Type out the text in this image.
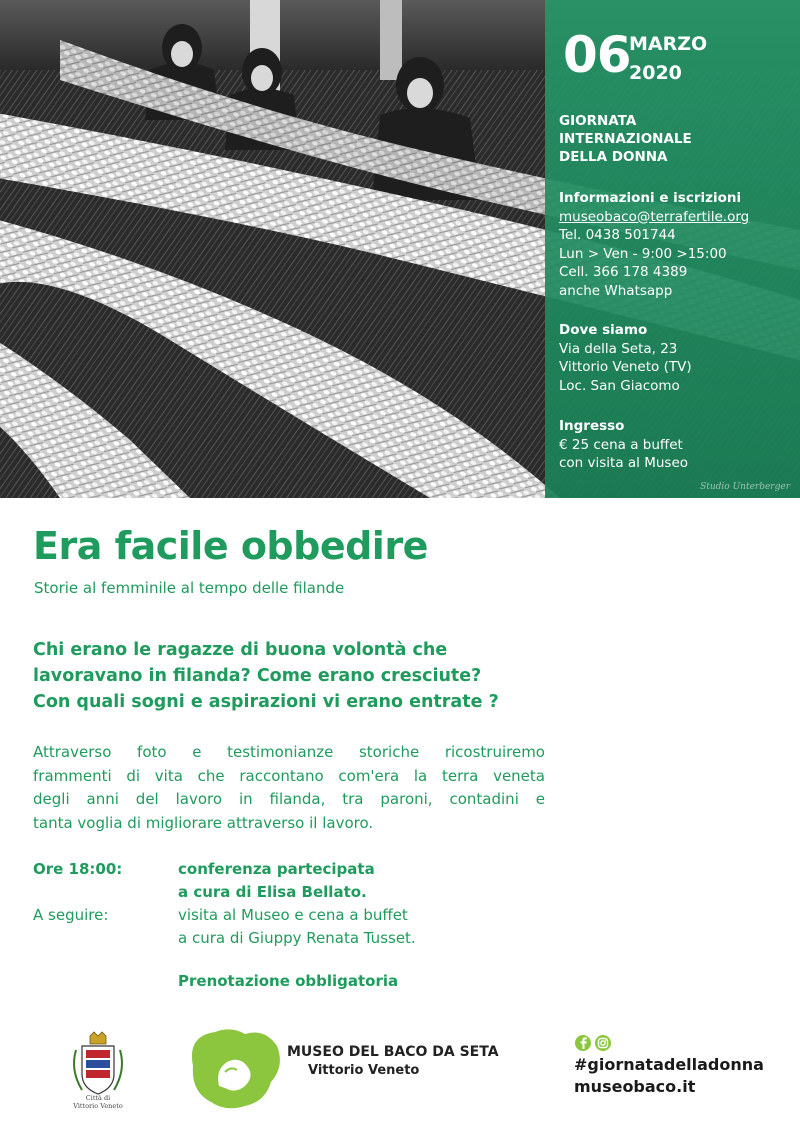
06
MARZO
2020
GIORNATA
INTERNAZIONALE
DELLA DONNA
Informazioni e iscrizioni
museobaco@terrafertile.org
Tel. 0438 501744
Lun > Ven - 9:00 >15:00
Cell. 366 178 4389
anche Whatsapp
Dove siamo
Via della Seta, 23
Vittorio Veneto (TV)
Loc. San Giacomo
Ingresso
€ 25 cena a buffet
con visita al Museo
Studio Unterberger
Era facile obbedire
Storie al femminile al tempo delle filande
Chi erano le ragazze di buona volontà che
lavoravano in filanda? Come erano cresciute?
Con quali sogni e aspirazioni vi erano entrate ?
Attraverso foto e testimonianze storiche ricostruiremo
frammenti di vita che raccontano com'era la terra veneta
degli anni del lavoro in filanda, tra paroni, contadini e
tanta voglia di migliorare attraverso il lavoro.
Ore 18:00:	conferenza partecipata
a cura di Elisa Bellato.
A seguire:	visita al Museo e cena a buffet
a cura di Giuppy Renata Tusset.
Prenotazione obbligatoria
Città di
Vittorio Veneto
MUSEO DEL BACO DA SETA
Vittorio Veneto	#giornatadelladonna
museobaco.it
